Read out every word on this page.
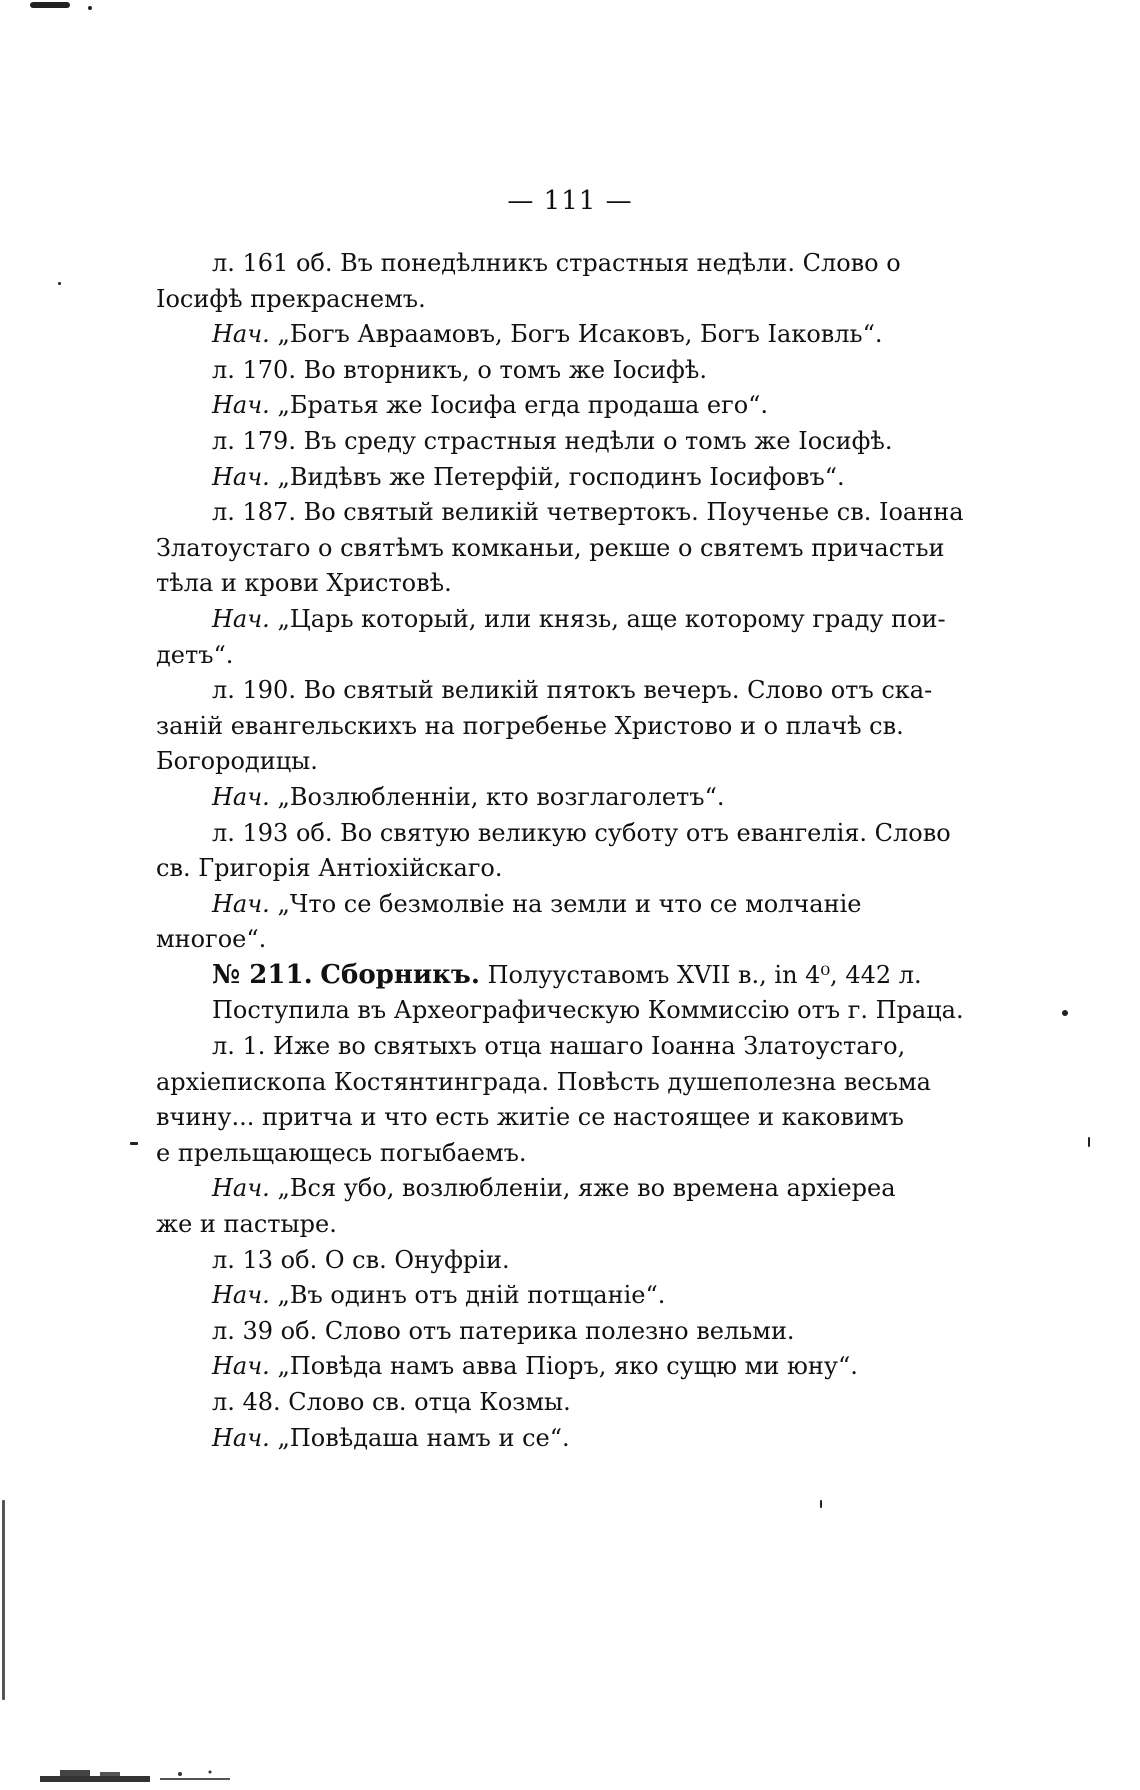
— 111 —
л. 161 об. Въ понедѣлникъ страстныя недѣли. Слово о
Іосифѣ прекраснемъ.
Нач. „Богъ Авраамовъ, Богъ Исаковъ, Богъ Іаковль“.
л. 170. Во вторникъ, о томъ же Іосифѣ.
Нач. „Братья же Іосифа егда продаша его“.
л. 179. Въ среду страстныя недѣли о томъ же Іосифѣ.
Нач. „Видѣвъ же Петерфій, господинъ Іосифовъ“.
л. 187. Во святый великій четвертокъ. Поученье св. Іоанна
Златоустаго о святѣмъ комканьи, рекше о святемъ причастьи
тѣла и крови Христовѣ.
Нач. „Царь который, или князь, аще которому граду пои-
детъ“.
л. 190. Во святый великій пятокъ вечеръ. Слово отъ ска-
заній евангельскихъ на погребенье Христово и о плачѣ св.
Богородицы.
Нач. „Возлюбленніи, кто возглаголетъ“.
л. 193 об. Во святую великую суботу отъ евангелія. Слово
св. Григорія Антіохійскаго.
Нач. „Что се безмолвіе на земли и что се молчаніе
многое“.
№ 211. Сборникъ. Полууставомъ XVII в., in 4⁰, 442 л.
Поступила въ Археографическую Коммиссію отъ г. Праца.
л. 1. Иже во святыхъ отца нашаго Іоанна Златоустаго,
архіепископа Костянтинграда. Повѣсть душеполезна весьма
вчину... притча и что есть житіе се настоящее и каковимъ
е прельщающесь погыбаемъ.
Нач. „Вся убо, возлюбленіи, яже во времена архіереа
же и пастыре.
л. 13 об. О св. Онуфріи.
Нач. „Въ одинъ отъ дній потщаніе“.
л. 39 об. Слово отъ патерика полезно вельми.
Нач. „Повѣда намъ авва Піоръ, яко сущю ми юну“.
л. 48. Слово св. отца Козмы.
Нач. „Повѣдаша намъ и се“.
